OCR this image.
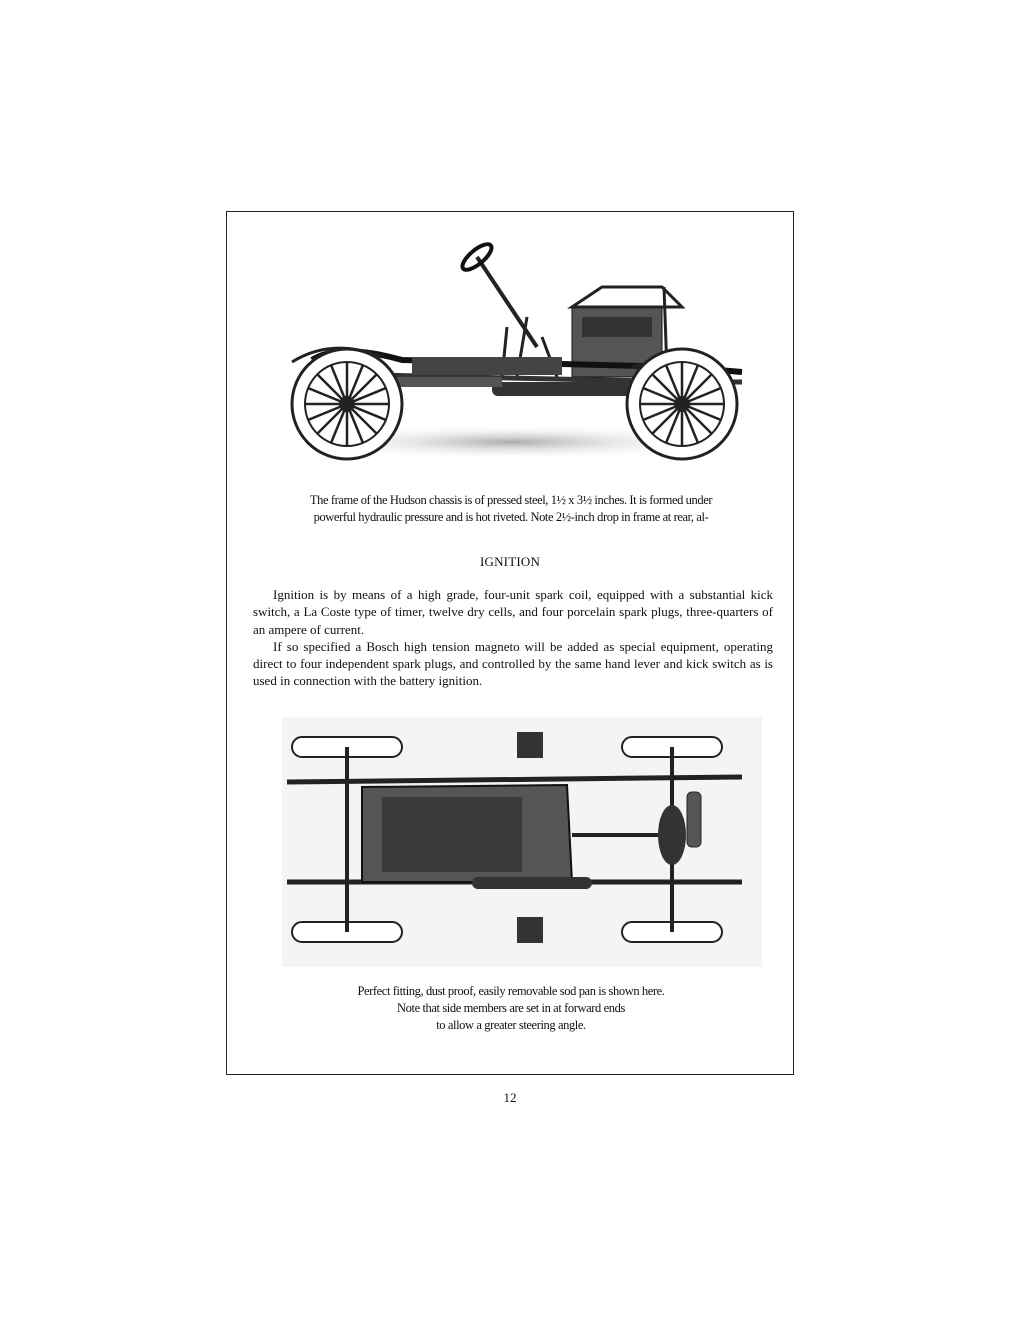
The frame of the Hudson chassis is of pressed steel, 1½ x 3½ inches. It is formed under
powerful hydraulic pressure and is hot riveted. Note 2½-inch drop in frame at rear, al-
IGNITION

Ignition is by means of a high grade, four-unit spark coil, equipped with a substantial kick switch, a La Coste type of timer, twelve dry cells, and four porcelain spark plugs, three-quarters of an ampere of current.

If so specified a Bosch high tension magneto will be added as special equipment, operating direct to four independent spark plugs, and controlled by the same hand lever and kick switch as is used in connection with the battery ignition.

Perfect fitting, dust proof, easily removable sod pan is shown here.
Note that side members are set in at forward ends
to allow a greater steering angle.
12
